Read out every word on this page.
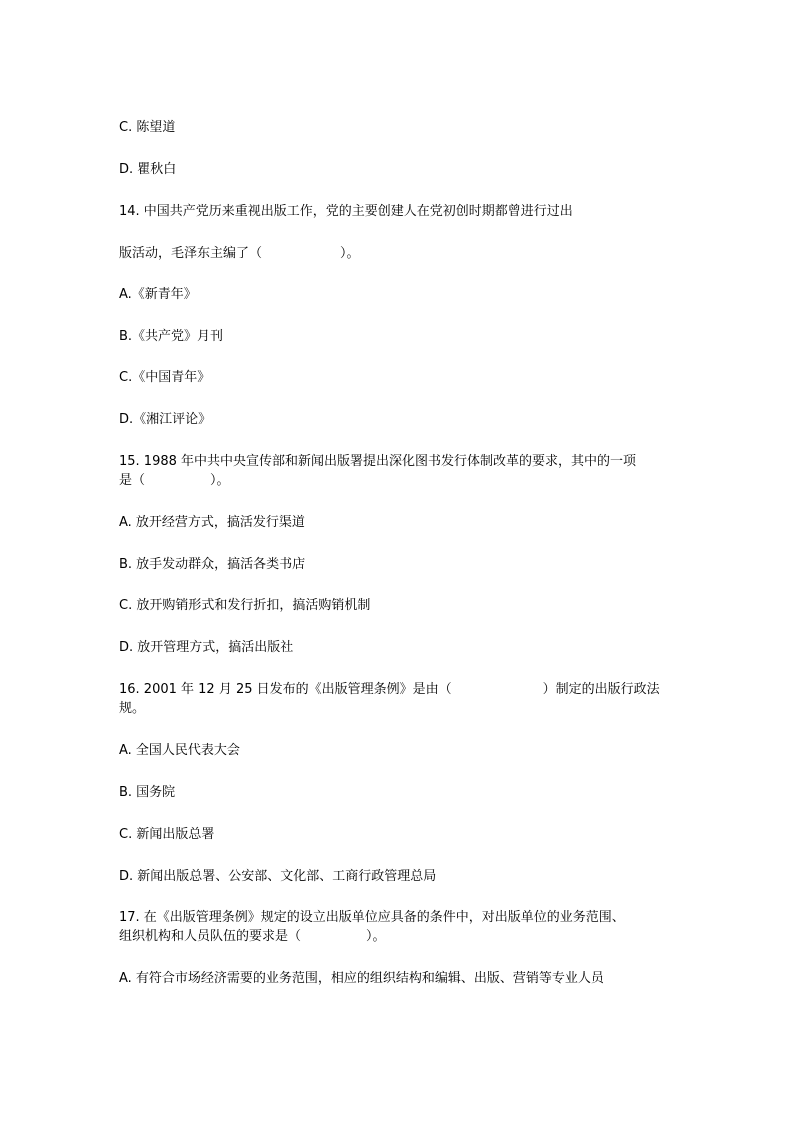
C. 陈望道
D. 瞿秋白
14. 中国共产党历来重视出版工作，党的主要创建人在党初创时期都曾进行过出
版活动，毛泽东主编了（　　　　　　）。
A.《新青年》
B.《共产党》月刊
C.《中国青年》
D.《湘江评论》
15. 1988 年中共中央宣传部和新闻出版署提出深化图书发行体制改革的要求，其中的一项
是（　　　　　）。
A. 放开经营方式，搞活发行渠道
B. 放手发动群众，搞活各类书店
C. 放开购销形式和发行折扣，搞活购销机制
D. 放开管理方式，搞活出版社
16. 2001 年 12 月 25 日发布的《出版管理条例》是由（　　　　　　　）制定的出版行政法
规。
A. 全国人民代表大会
B. 国务院
C. 新闻出版总署
D. 新闻出版总署、公安部、文化部、工商行政管理总局
17. 在《出版管理条例》规定的设立出版单位应具备的条件中，对出版单位的业务范围、
组织机构和人员队伍的要求是（　　　　　）。
A. 有符合市场经济需要的业务范围，相应的组织结构和编辑、出版、营销等专业人员
